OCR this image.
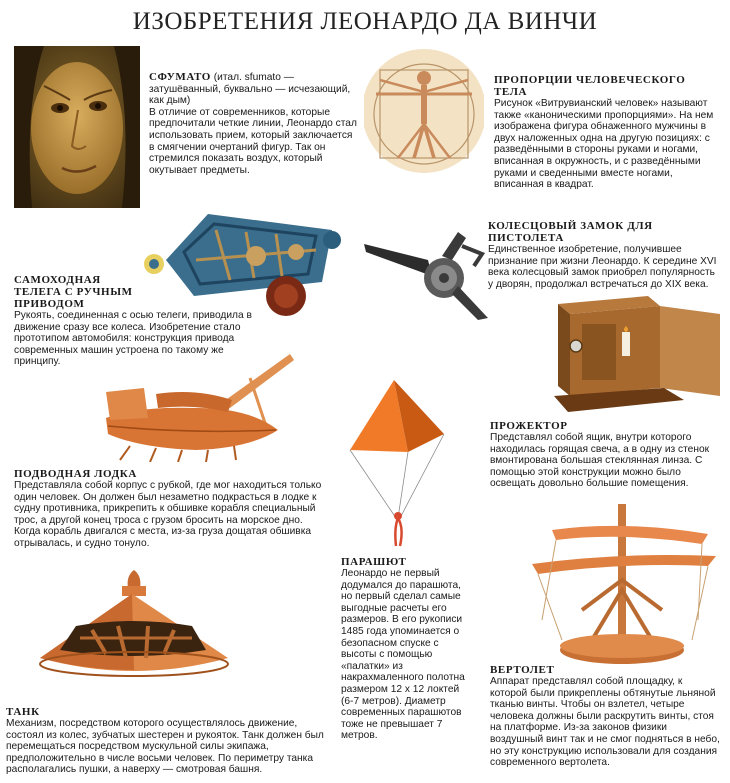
ИЗОБРЕТЕНИЯ ЛЕОНАРДО ДА ВИНЧИ

СФУМАТО (итал. sfumato — затушёванный, буквально — исчезающий, как дым)

В отличие от современников, которые предпочитали четкие линии, Леонардо стал использовать прием, который заключается в смягчении очертаний фигур. Так он стремился показать воздух, который окутывает предметы.

ПРОПОРЦИИ ЧЕЛОВЕЧЕСКОГО ТЕЛА

Рисунок «Витрувианский человек» называют также «каноническими пропорциями». На нем изображена фигура обнаженного мужчины в двух наложенных одна на другую позициях: с разведёнными в стороны руками и ногами, вписанная в окружность, и с разведёнными руками и сведенными вместе ногами, вписанная в квадрат.

САМОХОДНАЯ ТЕЛЕГА С РУЧНЫМ ПРИВОДОМ

Рукоять, соединенная с осью телеги, приводила в движение сразу все колеса. Изобретение стало прототипом автомобиля: конструкция привода современных машин устроена по такому же принципу.

КОЛЕСЦОВЫЙ ЗАМОК ДЛЯ ПИСТОЛЕТА

Единственное изобретение, получившее признание при жизни Леонардо. К середине XVI века колесцовый замок приобрел популярность у дворян, продолжал встречаться до XIX века.

ПРОЖЕКТОР

Представлял собой ящик, внутри которого находилась горящая свеча, а в одну из стенок вмонтирована большая стеклянная линза. С помощью этой конструкции можно было освещать довольно большие помещения.

ПОДВОДНАЯ ЛОДКА

Представляла собой корпус с рубкой, где мог находиться только один человек. Он должен был незаметно подкрасться в лодке к судну противника, прикрепить к обшивке корабля специальный трос, а другой конец троса с грузом бросить на морское дно. Когда корабль двигался с места, из-за груза дощатая обшивка отрывалась, и судно тонуло.

ПАРАШЮТ

Леонардо не первый додумался до парашюта, но первый сделал самые выгодные расчеты его размеров. В его рукописи 1485 года упоминается о безопасном спуске с высоты с помощью «палатки» из накрахмаленного полотна размером 12 х 12 локтей (6-7 метров). Диаметр современных парашютов тоже не превышает 7 метров.

ВЕРТОЛЕТ

Аппарат представлял собой площадку, к которой были прикреплены обтянутые льняной тканью винты. Чтобы он взлетел, четыре человека должны были раскрутить винты, стоя на платформе. Из-за законов физики воздушный винт так и не смог подняться в небо, но эту конструкцию использовали для создания современного вертолета.

ТАНК

Механизм, посредством которого осуществлялось движение, состоял из колес, зубчатых шестерен и рукояток. Танк должен был перемещаться посредством мускульной силы экипажа, предположительно в числе восьми человек. По периметру танка располагались пушки, а наверху — смотровая башня.
